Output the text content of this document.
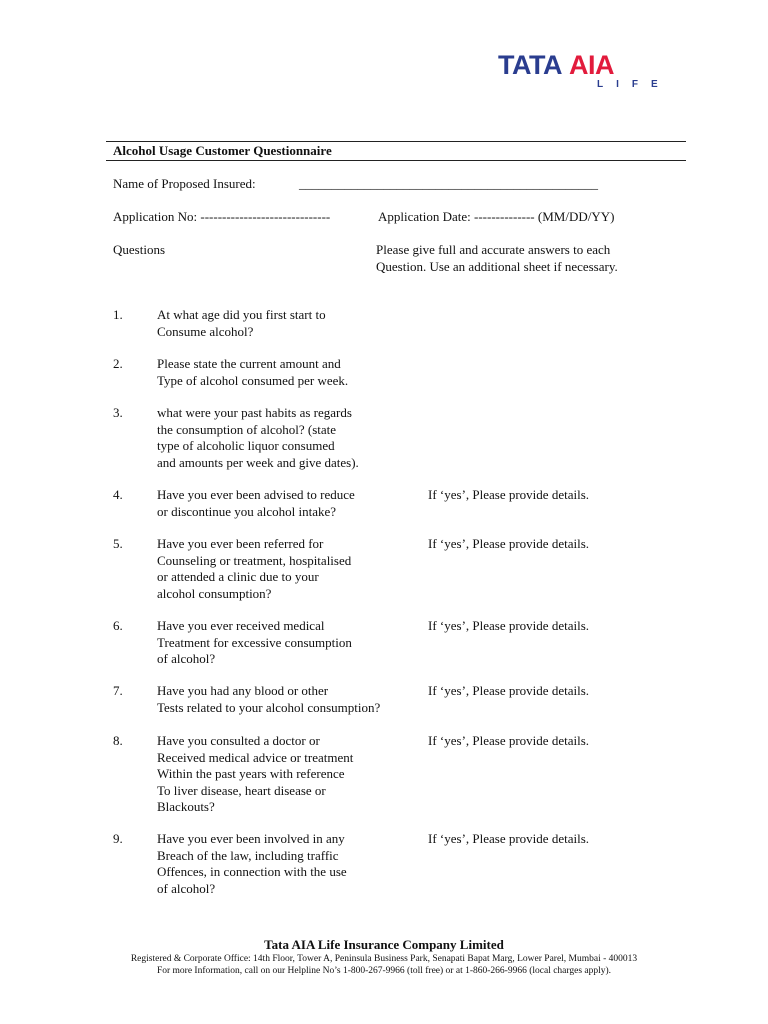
TATA AIA
LIFE
Alcohol Usage Customer Questionnaire
Name of Proposed Insured:	______________________________________________
Application No: ------------------------------	Application Date: -------------- (MM/DD/YY)
Questions	Please give full and accurate answers to each
Question. Use an additional sheet if necessary.
1.	At what age did you first start to
Consume alcohol?
2.	Please state the current amount and
Type of alcohol consumed per week.
3.	what were your past habits as regards
the consumption of alcohol? (state
type of alcoholic liquor consumed
and amounts per week and give dates).
4.	Have you ever been advised to reduce
or discontinue you alcohol intake?
If ‘yes’, Please provide details.
5.	Have you ever been referred for
Counseling or treatment, hospitalised
or attended a clinic due to your
alcohol consumption?
If ‘yes’, Please provide details.
6.	Have you ever received medical
Treatment for excessive consumption
of alcohol?
If ‘yes’, Please provide details.
7.	Have you had any blood or other
Tests related to your alcohol consumption?
If ‘yes’, Please provide details.
8.	Have you consulted a doctor or
Received medical advice or treatment
Within the past years with reference
To liver disease, heart disease or
Blackouts?
If ‘yes’, Please provide details.
9.	Have you ever been involved in any
Breach of the law, including traffic
Offences, in connection with the use
of alcohol?
If ‘yes’, Please provide details.
Tata AIA Life Insurance Company Limited
Registered & Corporate Office: 14th Floor, Tower A, Peninsula Business Park, Senapati Bapat Marg, Lower Parel, Mumbai - 400013
For more Information, call on our Helpline No’s 1-800-267-9966 (toll free) or at 1-860-266-9966 (local charges apply).
